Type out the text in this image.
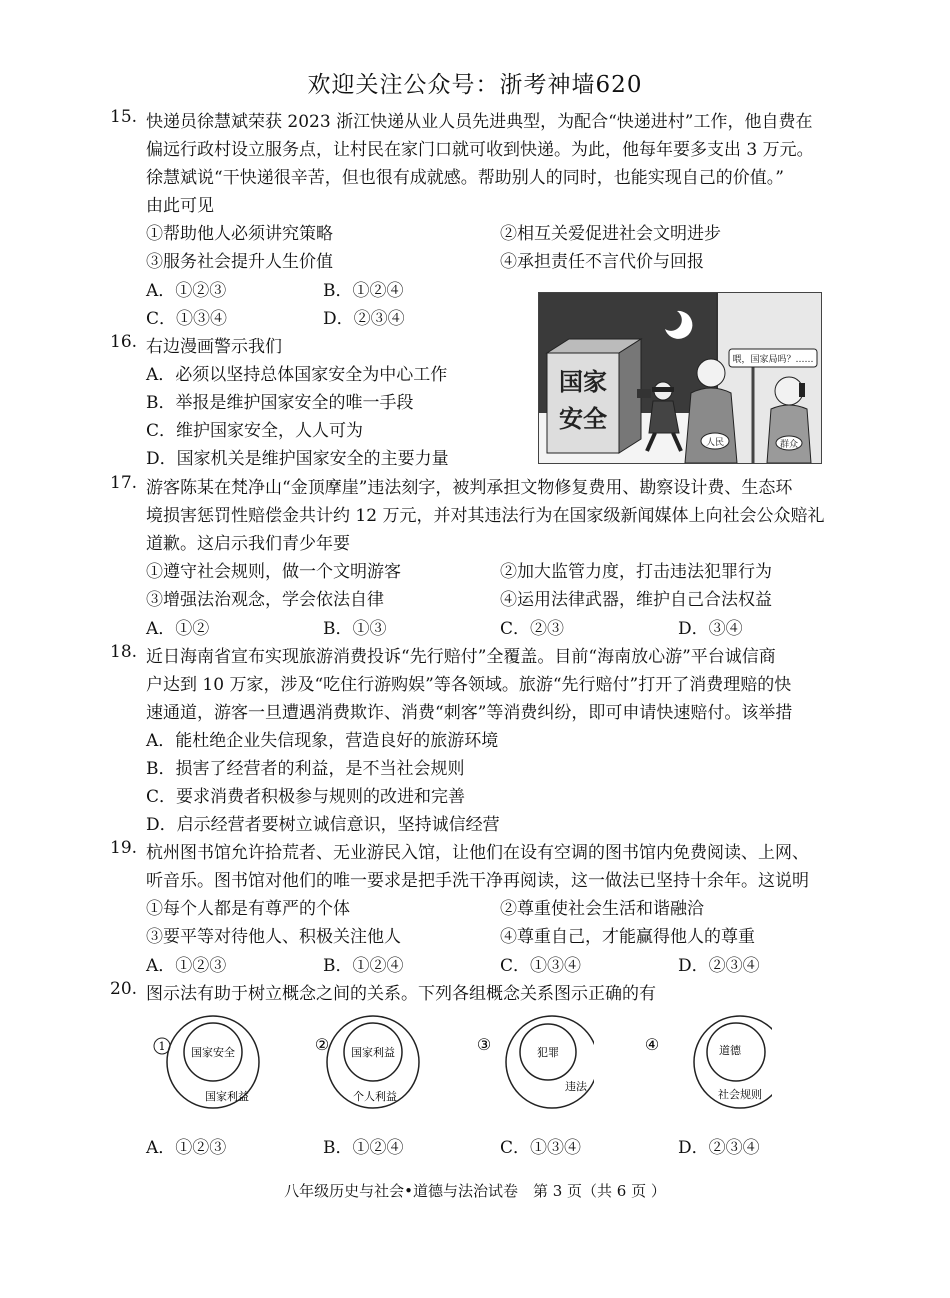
欢迎关注公众号：浙考神墙620
15. 快递员徐慧斌荣获 2023 浙江快递从业人员先进典型，为配合“快递进村”工作，他自费在
偏远行政村设立服务点，让村民在家门口就可收到快递。为此，他每年要多支出 3 万元。
徐慧斌说“干快递很辛苦，但也很有成就感。帮助别人的同时，也能实现自己的价值。”
由此可见
①帮助他人必须讲究策略	②相互关爱促进社会文明进步
③服务社会提升人生价值	④承担责任不言代价与回报
A．①②③	B．①②④
C．①③④	D．②③④
16. 右边漫画警示我们
A．必须以坚持总体国家安全为中心工作
B．举报是维护国家安全的唯一手段
C．维护国家安全，人人可为
D．国家机关是维护国家安全的主要力量
国家
安全
人民	群众
喂，国家局吗？……
17. 游客陈某在梵净山“金顶摩崖”违法刻字，被判承担文物修复费用、勘察设计费、生态环
境损害惩罚性赔偿金共计约 12 万元，并对其违法行为在国家级新闻媒体上向社会公众赔礼
道歉。这启示我们青少年要
①遵守社会规则，做一个文明游客	②加大监管力度，打击违法犯罪行为
③增强法治观念，学会依法自律	④运用法律武器，维护自己合法权益
A．①②	B．①③	C．②③	D．③④
18. 近日海南省宣布实现旅游消费投诉“先行赔付”全覆盖。目前“海南放心游”平台诚信商
户达到 10 万家，涉及“吃住行游购娱”等各领域。旅游“先行赔付”打开了消费理赔的快
速通道，游客一旦遭遇消费欺诈、消费“刺客”等消费纠纷，即可申请快速赔付。该举措
A．能杜绝企业失信现象，营造良好的旅游环境
B．损害了经营者的利益，是不当社会规则
C．要求消费者积极参与规则的改进和完善
D．启示经营者要树立诚信意识，坚持诚信经营
19. 杭州图书馆允许拾荒者、无业游民入馆，让他们在设有空调的图书馆内免费阅读、上网、
听音乐。图书馆对他们的唯一要求是把手洗干净再阅读，这一做法已坚持十余年。这说明
①每个人都是有尊严的个体	②尊重使社会生活和谐融洽
③要平等对待他人、积极关注他人	④尊重自己，才能赢得他人的尊重
A．①②③	B．①②④	C．①③④	D．②③④
20. 图示法有助于树立概念之间的关系。下列各组概念关系图示正确的有
1 国家安全
国家利益
② 国家利益
个人利益
③	犯罪
违法
④	道德
社会规则
A．①②③	B．①②④	C．①③④	D．②③④
八年级历史与社会•道德与法治试卷　第 3 页（共 6 页 ）
